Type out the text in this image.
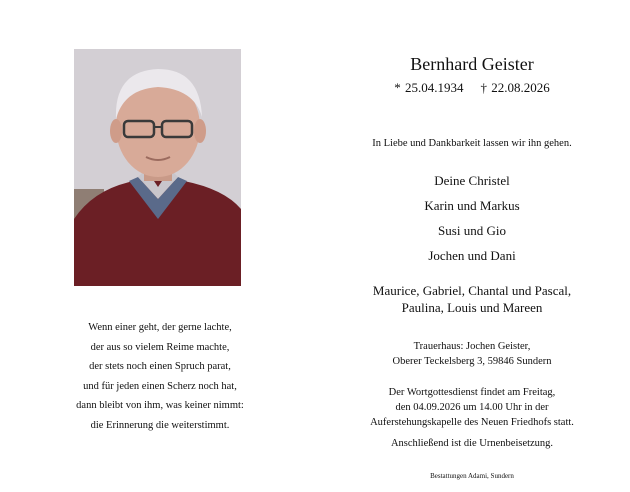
Wenn einer geht, der gerne lachte,
der aus so vielem Reime machte,
der stets noch einen Spruch parat,
und für jeden einen Scherz noch hat,
dann bleibt von ihm, was keiner nimmt:
die Erinnerung die weiterstimmt.
Bernhard Geister
* 25.04.1934 † 22.08.2026
In Liebe und Dankbarkeit lassen wir ihn gehen.
Deine Christel
Karin und Markus
Susi und Gio
Jochen und Dani
Maurice, Gabriel, Chantal und Pascal,
Paulina, Louis und Mareen
Trauerhaus: Jochen Geister,
Oberer Teckelsberg 3, 59846 Sundern
Der Wortgottesdienst findet am Freitag,
den 04.09.2026 um 14.00 Uhr in der
Auferstehungskapelle des Neuen Friedhofs statt.
Anschließend ist die Urnenbeisetzung.
Bestattungen Adami, Sundern
